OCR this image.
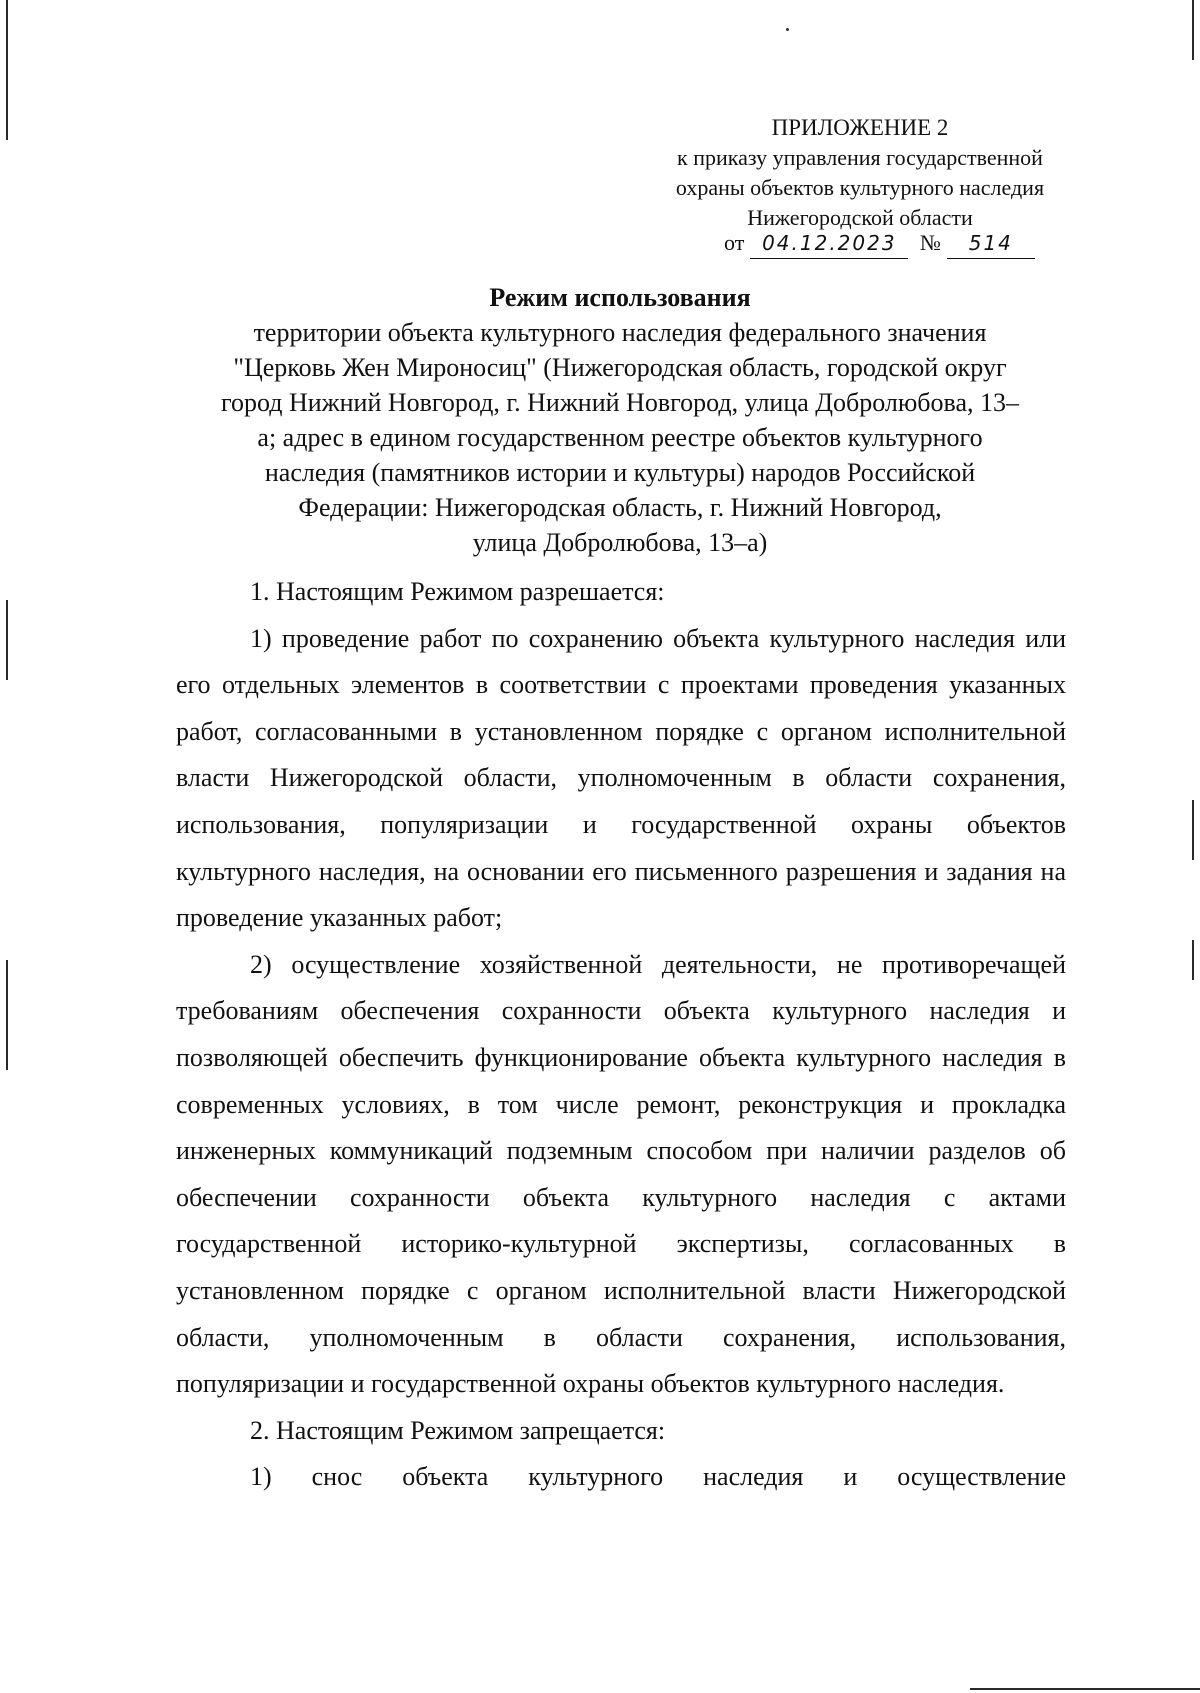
ПРИЛОЖЕНИЕ 2
к приказу управления государственной
охраны объектов культурного наследия
Нижегородской области
от 04.12.2023 № 514
Режим использования
территории объекта культурного наследия федерального значения
"Церковь Жен Мироносиц" (Нижегородская область, городской округ
город Нижний Новгород, г. Нижний Новгород, улица Добролюбова, 13–
а; адрес в едином государственном реестре объектов культурного
наследия (памятников истории и культуры) народов Российской
Федерации: Нижегородская область, г. Нижний Новгород,
улица Добролюбова, 13–а)

1. Настоящим Режимом разрешается:

1) проведение работ по сохранению объекта культурного наследия или его отдельных элементов в соответствии с проектами проведения указанных работ, согласованными в установленном порядке с органом исполнительной власти Нижегородской области, уполномоченным в области сохранения, использования, популяризации и государственной охраны объектов культурного наследия, на основании его письменного разрешения и задания на проведение указанных работ;

2) осуществление хозяйственной деятельности, не противоречащей требованиям обеспечения сохранности объекта культурного наследия и позволяющей обеспечить функционирование объекта культурного наследия в современных условиях, в том числе ремонт, реконструкция и прокладка инженерных коммуникаций подземным способом при наличии разделов об обеспечении сохранности объекта культурного наследия с актами государственной историко-культурной экспертизы, согласованных в установленном порядке с органом исполнительной власти Нижегородской области, уполномоченным в области сохранения, использования, популяризации и государственной охраны объектов культурного наследия.

2. Настоящим Режимом запрещается:

1) снос объекта культурного наследия и осуществление
